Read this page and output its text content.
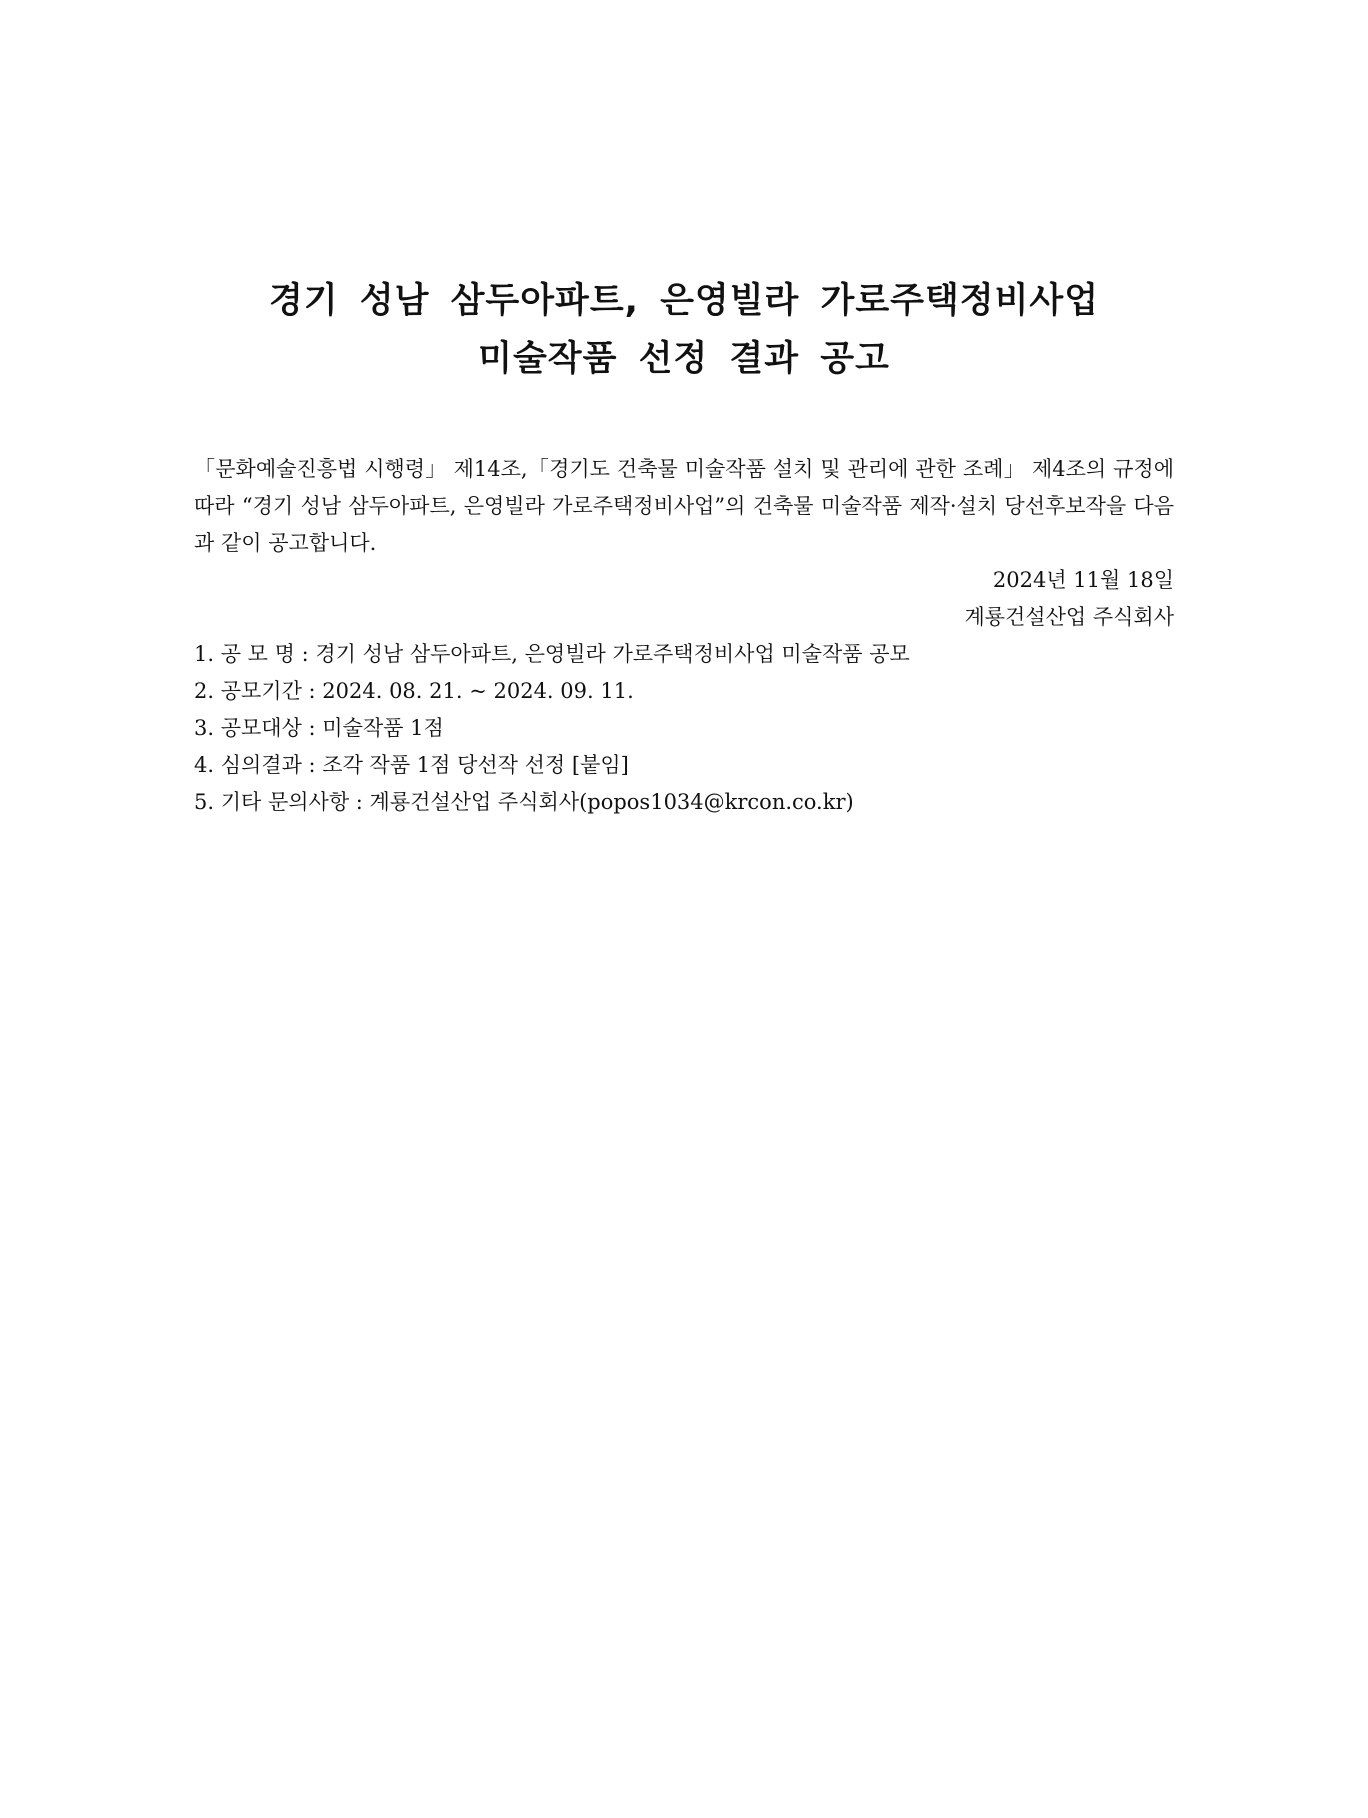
경기 성남 삼두아파트, 은영빌라 가로주택정비사업
미술작품 선정 결과 공고

「문화예술진흥법 시행령」 제14조,「경기도 건축물 미술작품 설치 및 관리에 관한 조례」 제4조의 규정에 따라 “경기 성남 삼두아파트, 은영빌라 가로주택정비사업”의 건축물 미술작품 제작·설치 당선후보작을 다음과 같이 공고합니다.

2024년 11월 18일
계룡건설산업 주식회사
1. 공 모 명 : 경기 성남 삼두아파트, 은영빌라 가로주택정비사업 미술작품 공모
2. 공모기간 : 2024. 08. 21. ~ 2024. 09. 11.
3. 공모대상 : 미술작품 1점
4. 심의결과 : 조각 작품 1점 당선작 선정 [붙임]
5. 기타 문의사항 : 계룡건설산업 주식회사(popos1034@krcon.co.kr)
